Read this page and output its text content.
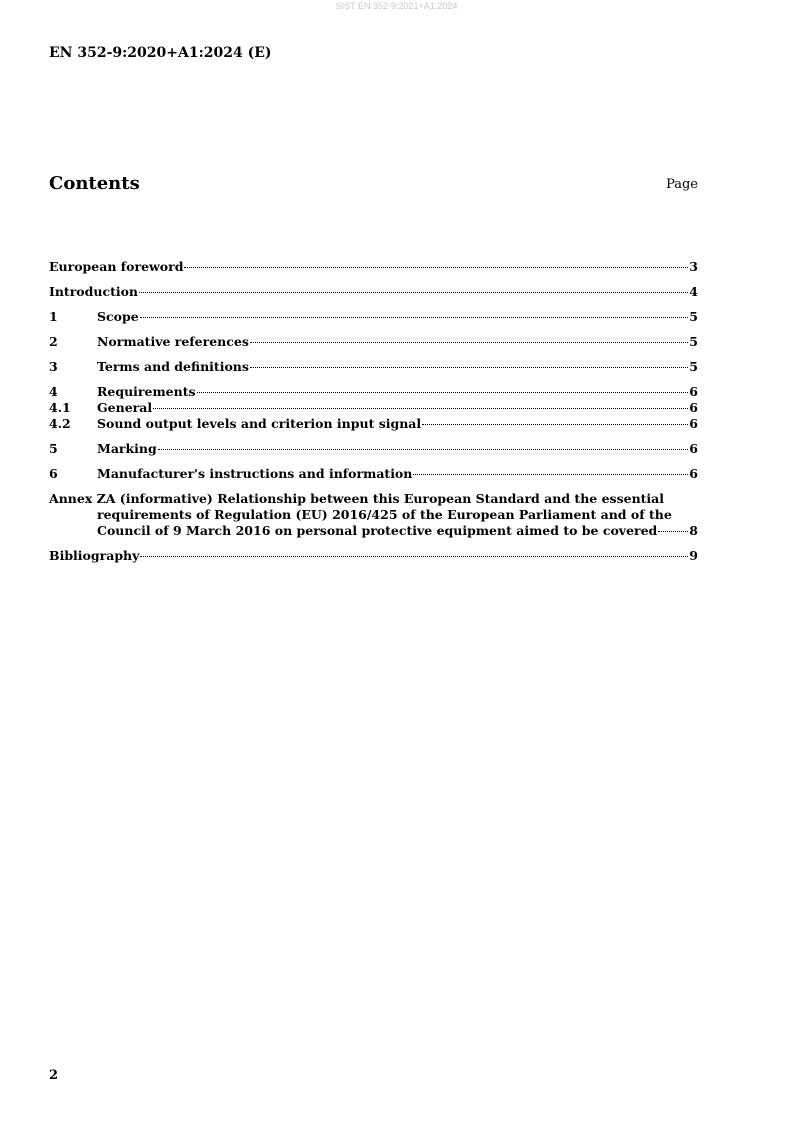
SIST EN 352-9:2021+A1:2024
EN 352-9:2020+A1:2024 (E)
Contents	Page
European foreword	3
Introduction	4
1	Scope	5
2	Normative references	5
3	Terms and definitions	5
4	Requirements	6
4.1	General	6
4.2	Sound output levels and criterion input signal	6
5	Marking	6
6	Manufacturer's instructions and information	6
Annex ZA (informative) Relationship between this European Standard and the essential
requirements of Regulation (EU) 2016/425 of the European Parliament and of the
Council of 9 March 2016 on personal protective equipment aimed to be covered	8
Bibliography	9
2
